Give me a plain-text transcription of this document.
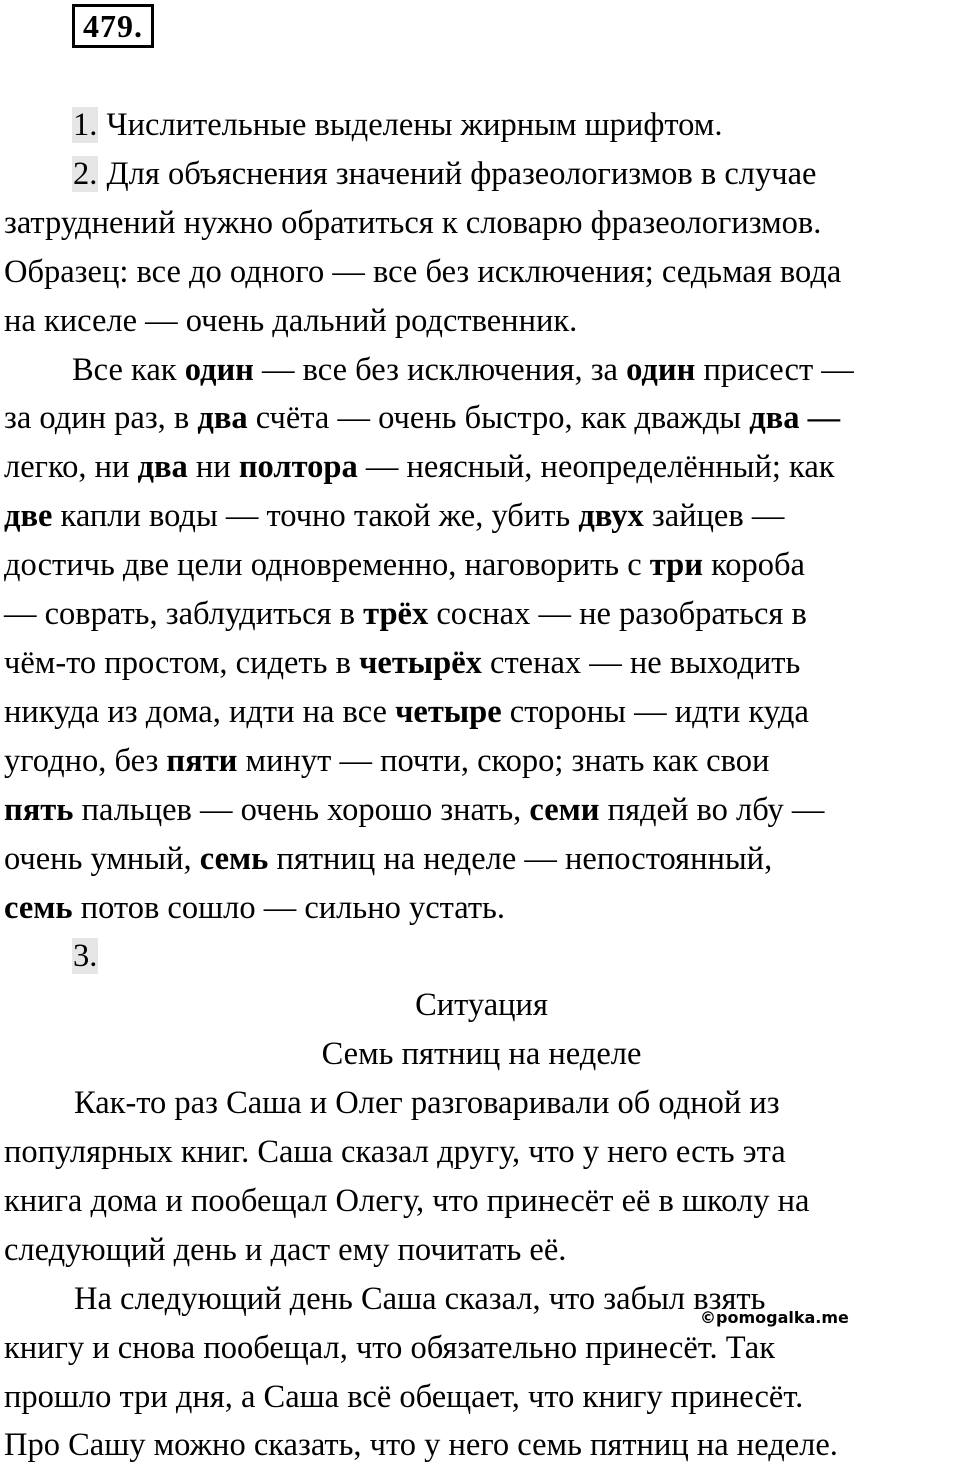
479.
1. Числительные выделены жирным шрифтом.
2. Для объяснения значений фразеологизмов в случае
затруднений нужно обратиться к словарю фразеологизмов.
Образец: все до одного — все без исключения; седьмая вода
на киселе — очень дальний родственник.
Все как один — все без исключения, за один присест —
за один раз, в два счёта — очень быстро, как дважды два —
легко, ни два ни полтора — неясный, неопределённый; как
две капли воды — точно такой же, убить двух зайцев —
достичь две цели одновременно, наговорить с три короба
— соврать, заблудиться в трёх соснах — не разобраться в
чём-то простом, сидеть в четырёх стенах — не выходить
никуда из дома, идти на все четыре стороны — идти куда
угодно, без пяти минут — почти, скоро; знать как свои
пять пальцев — очень хорошо знать, семи пядей во лбу —
очень умный, семь пятниц на неделе — непостоянный,
семь потов сошло — сильно устать.
3.
Ситуация
Семь пятниц на неделе
Как-то раз Саша и Олег разговаривали об одной из
популярных книг. Саша сказал другу, что у него есть эта
книга дома и пообещал Олегу, что принесёт её в школу на
следующий день и даст ему почитать её.
На следующий день Саша сказал, что забыл взять
книгу и снова пообещал, что обязательно принесёт. Так
прошло три дня, а Саша всё обещает, что книгу принесёт.
Про Сашу можно сказать, что у него семь пятниц на неделе.
©pomogalka.me
